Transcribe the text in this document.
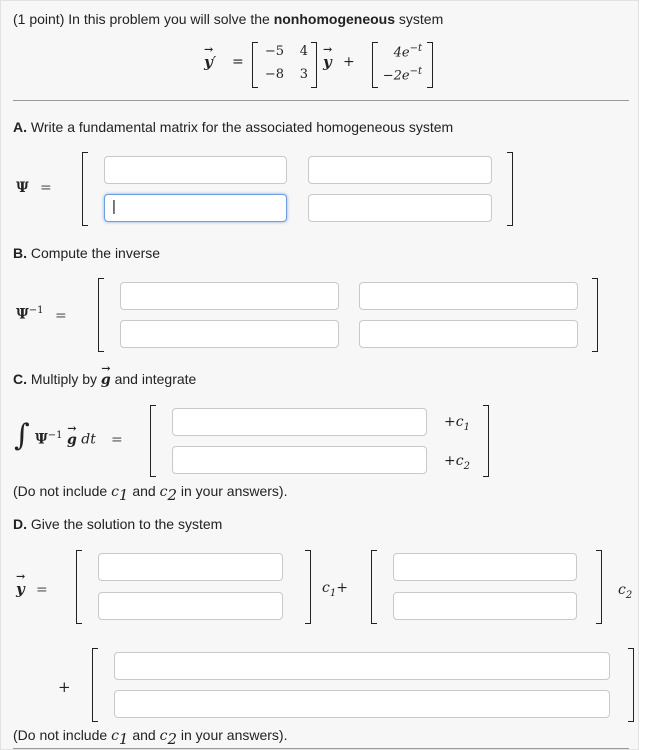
(1 point) In this problem you will solve the nonhomogeneous system
y →′ =
−5	4
−8	3
y → +
$4e^{-t}$
$-2e^{-t}$
A. Write a fundamental matrix for the associated homogeneous system
Ψ =
|
B. Compute the inverse
$\Psi^{-1}$ =
C. Multiply by g → and integrate
∫ $\Psi^{-1}$ g → dt =
$+c_1$
$+c_2$
(Do not include $c_1$ and $c_2$ in your answers).
D. Give the solution to the system
y → =	$c_1+$	$c_2$
+
(Do not include $c_1$ and $c_2$ in your answers).
